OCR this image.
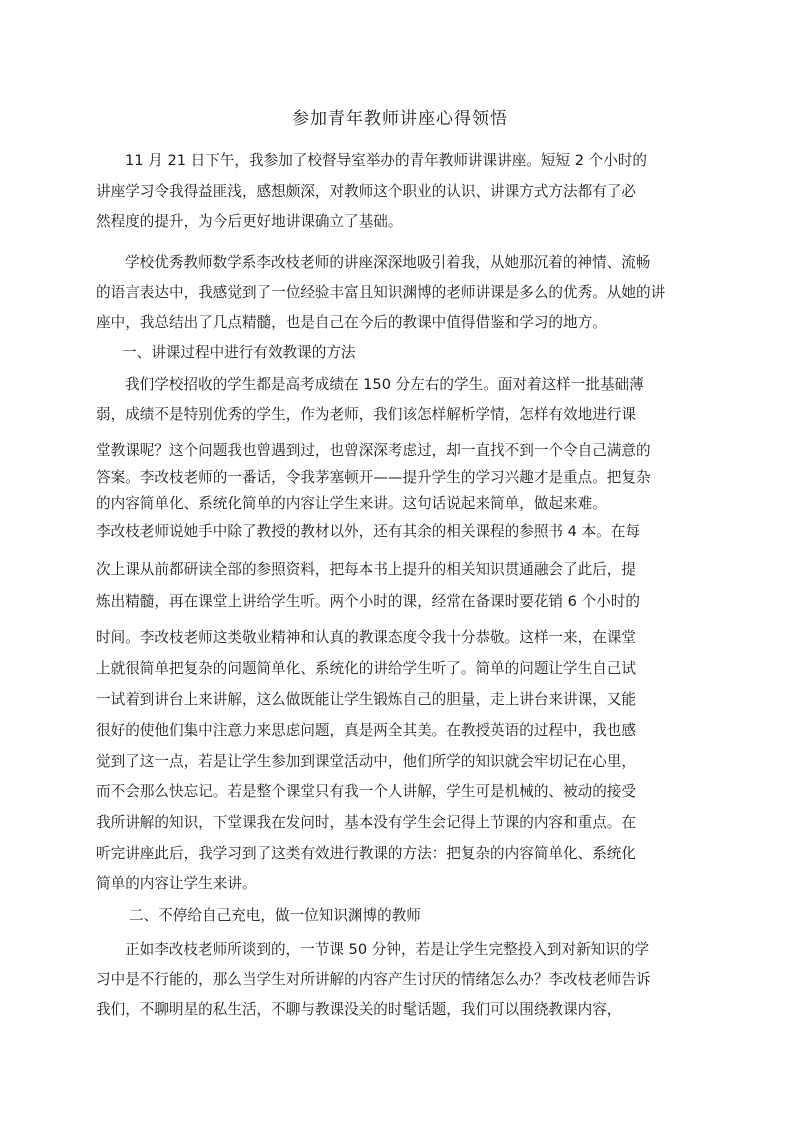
参加青年教师讲座心得领悟

11 月 21 日下午，我参加了校督导室举办的青年教师讲课讲座。短短 2 个小时的

讲座学习令我得益匪浅，感想颇深，对教师这个职业的认识、讲课方式方法都有了必

然程度的提升，为今后更好地讲课确立了基础。

学校优秀教师数学系李改枝老师的讲座深深地吸引着我，从她那沉着的神情、流畅

的语言表达中，我感觉到了一位经验丰富且知识渊博的老师讲课是多么的优秀。从她的讲

座中，我总结出了几点精髓，也是自己在今后的教课中值得借鉴和学习的地方。

一、讲课过程中进行有效教课的方法

我们学校招收的学生都是高考成绩在 150 分左右的学生。面对着这样一批基础薄

弱，成绩不是特别优秀的学生，作为老师，我们该怎样解析学情，怎样有效地进行课

堂教课呢？这个问题我也曾遇到过，也曾深深考虑过，却一直找不到一个令自己满意的

答案。李改枝老师的一番话，令我茅塞顿开——提升学生的学习兴趣才是重点。把复杂

的内容简单化、系统化简单的内容让学生来讲。这句话说起来简单，做起来难。

李改枝老师说她手中除了教授的教材以外，还有其余的相关课程的参照书 4 本。在每

次上课从前都研读全部的参照资料，把每本书上提升的相关知识贯通融会了此后，提

炼出精髓，再在课堂上讲给学生听。两个小时的课，经常在备课时要花销 6 个小时的

时间。李改枝老师这类敬业精神和认真的教课态度令我十分恭敬。这样一来，在课堂

上就很简单把复杂的问题简单化、系统化的讲给学生听了。简单的问题让学生自己试

一试着到讲台上来讲解，这么做既能让学生锻炼自己的胆量，走上讲台来讲课，又能

很好的使他们集中注意力来思虑问题，真是两全其美。在教授英语的过程中，我也感

觉到了这一点，若是让学生参加到课堂活动中，他们所学的知识就会牢切记在心里，

而不会那么快忘记。若是整个课堂只有我一个人讲解，学生可是机械的、被动的接受

我所讲解的知识，下堂课我在发问时，基本没有学生会记得上节课的内容和重点。在

听完讲座此后，我学习到了这类有效进行教课的方法：把复杂的内容简单化、系统化

简单的内容让学生来讲。

二、不停给自己充电，做一位知识渊博的教师

正如李改枝老师所谈到的，一节课 50 分钟，若是让学生完整投入到对新知识的学

习中是不行能的，那么当学生对所讲解的内容产生讨厌的情绪怎么办？李改枝老师告诉

我们，不聊明星的私生活，不聊与教课没关的时髦话题，我们可以围绕教课内容，
